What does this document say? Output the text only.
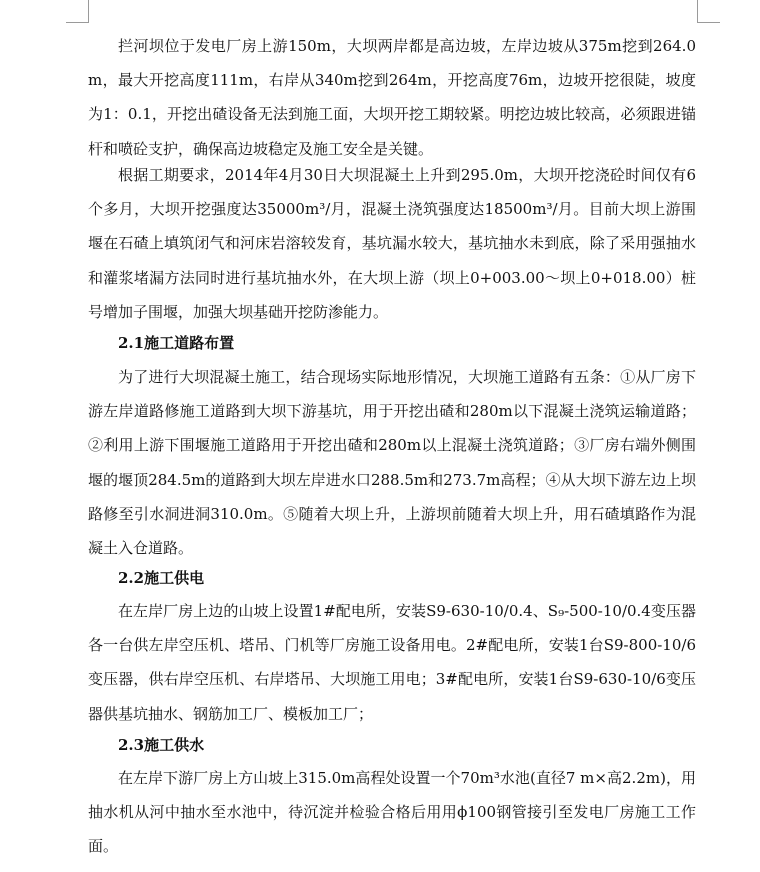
拦河坝位于发电厂房上游150m，大坝两岸都是高边坡，左岸边坡从375m挖到264.0m，最大开挖高度111m，右岸从340m挖到264m，开挖高度76m，边坡开挖很陡，坡度为1：0.1，开挖出碴设备无法到施工面，大坝开挖工期较紧。明挖边坡比较高，必须跟进锚杆和喷砼支护，确保高边坡稳定及施工安全是关键。

根据工期要求，2014年4月30日大坝混凝土上升到295.0m，大坝开挖浇砼时间仅有6个多月，大坝开挖强度达35000m³/月，混凝土浇筑强度达18500m³/月。目前大坝上游围堰在石碴上填筑闭气和河床岩溶较发育，基坑漏水较大，基坑抽水未到底，除了采用强抽水和灌浆堵漏方法同时进行基坑抽水外，在大坝上游（坝上0+003.00～坝上0+018.00）桩号增加子围堰，加强大坝基础开挖防渗能力。

2.1施工道路布置

为了进行大坝混凝土施工，结合现场实际地形情况，大坝施工道路有五条：①从厂房下游左岸道路修施工道路到大坝下游基坑，用于开挖出碴和280m以下混凝土浇筑运输道路；②利用上游下围堰施工道路用于开挖出碴和280m以上混凝土浇筑道路；③厂房右端外侧围堰的堰顶284.5m的道路到大坝左岸进水口288.5m和273.7m高程；④从大坝下游左边上坝路修至引水洞进洞310.0m。⑤随着大坝上升，上游坝前随着大坝上升，用石碴填路作为混凝土入仓道路。

2.2施工供电

在左岸厂房上边的山坡上设置1#配电所，安装S9-630-10/0.4、S₉-500-10/0.4变压器各一台供左岸空压机、塔吊、门机等厂房施工设备用电。2#配电所，安装1台S9-800-10/6变压器，供右岸空压机、右岸塔吊、大坝施工用电；3#配电所，安装1台S9-630-10/6变压器供基坑抽水、钢筋加工厂、模板加工厂；

2.3施工供水

在左岸下游厂房上方山坡上315.0m高程处设置一个70m³水池(直径7 m×高2.2m)，用抽水机从河中抽水至水池中，待沉淀并检验合格后用用ϕ100钢管接引至发电厂房施工工作面。
